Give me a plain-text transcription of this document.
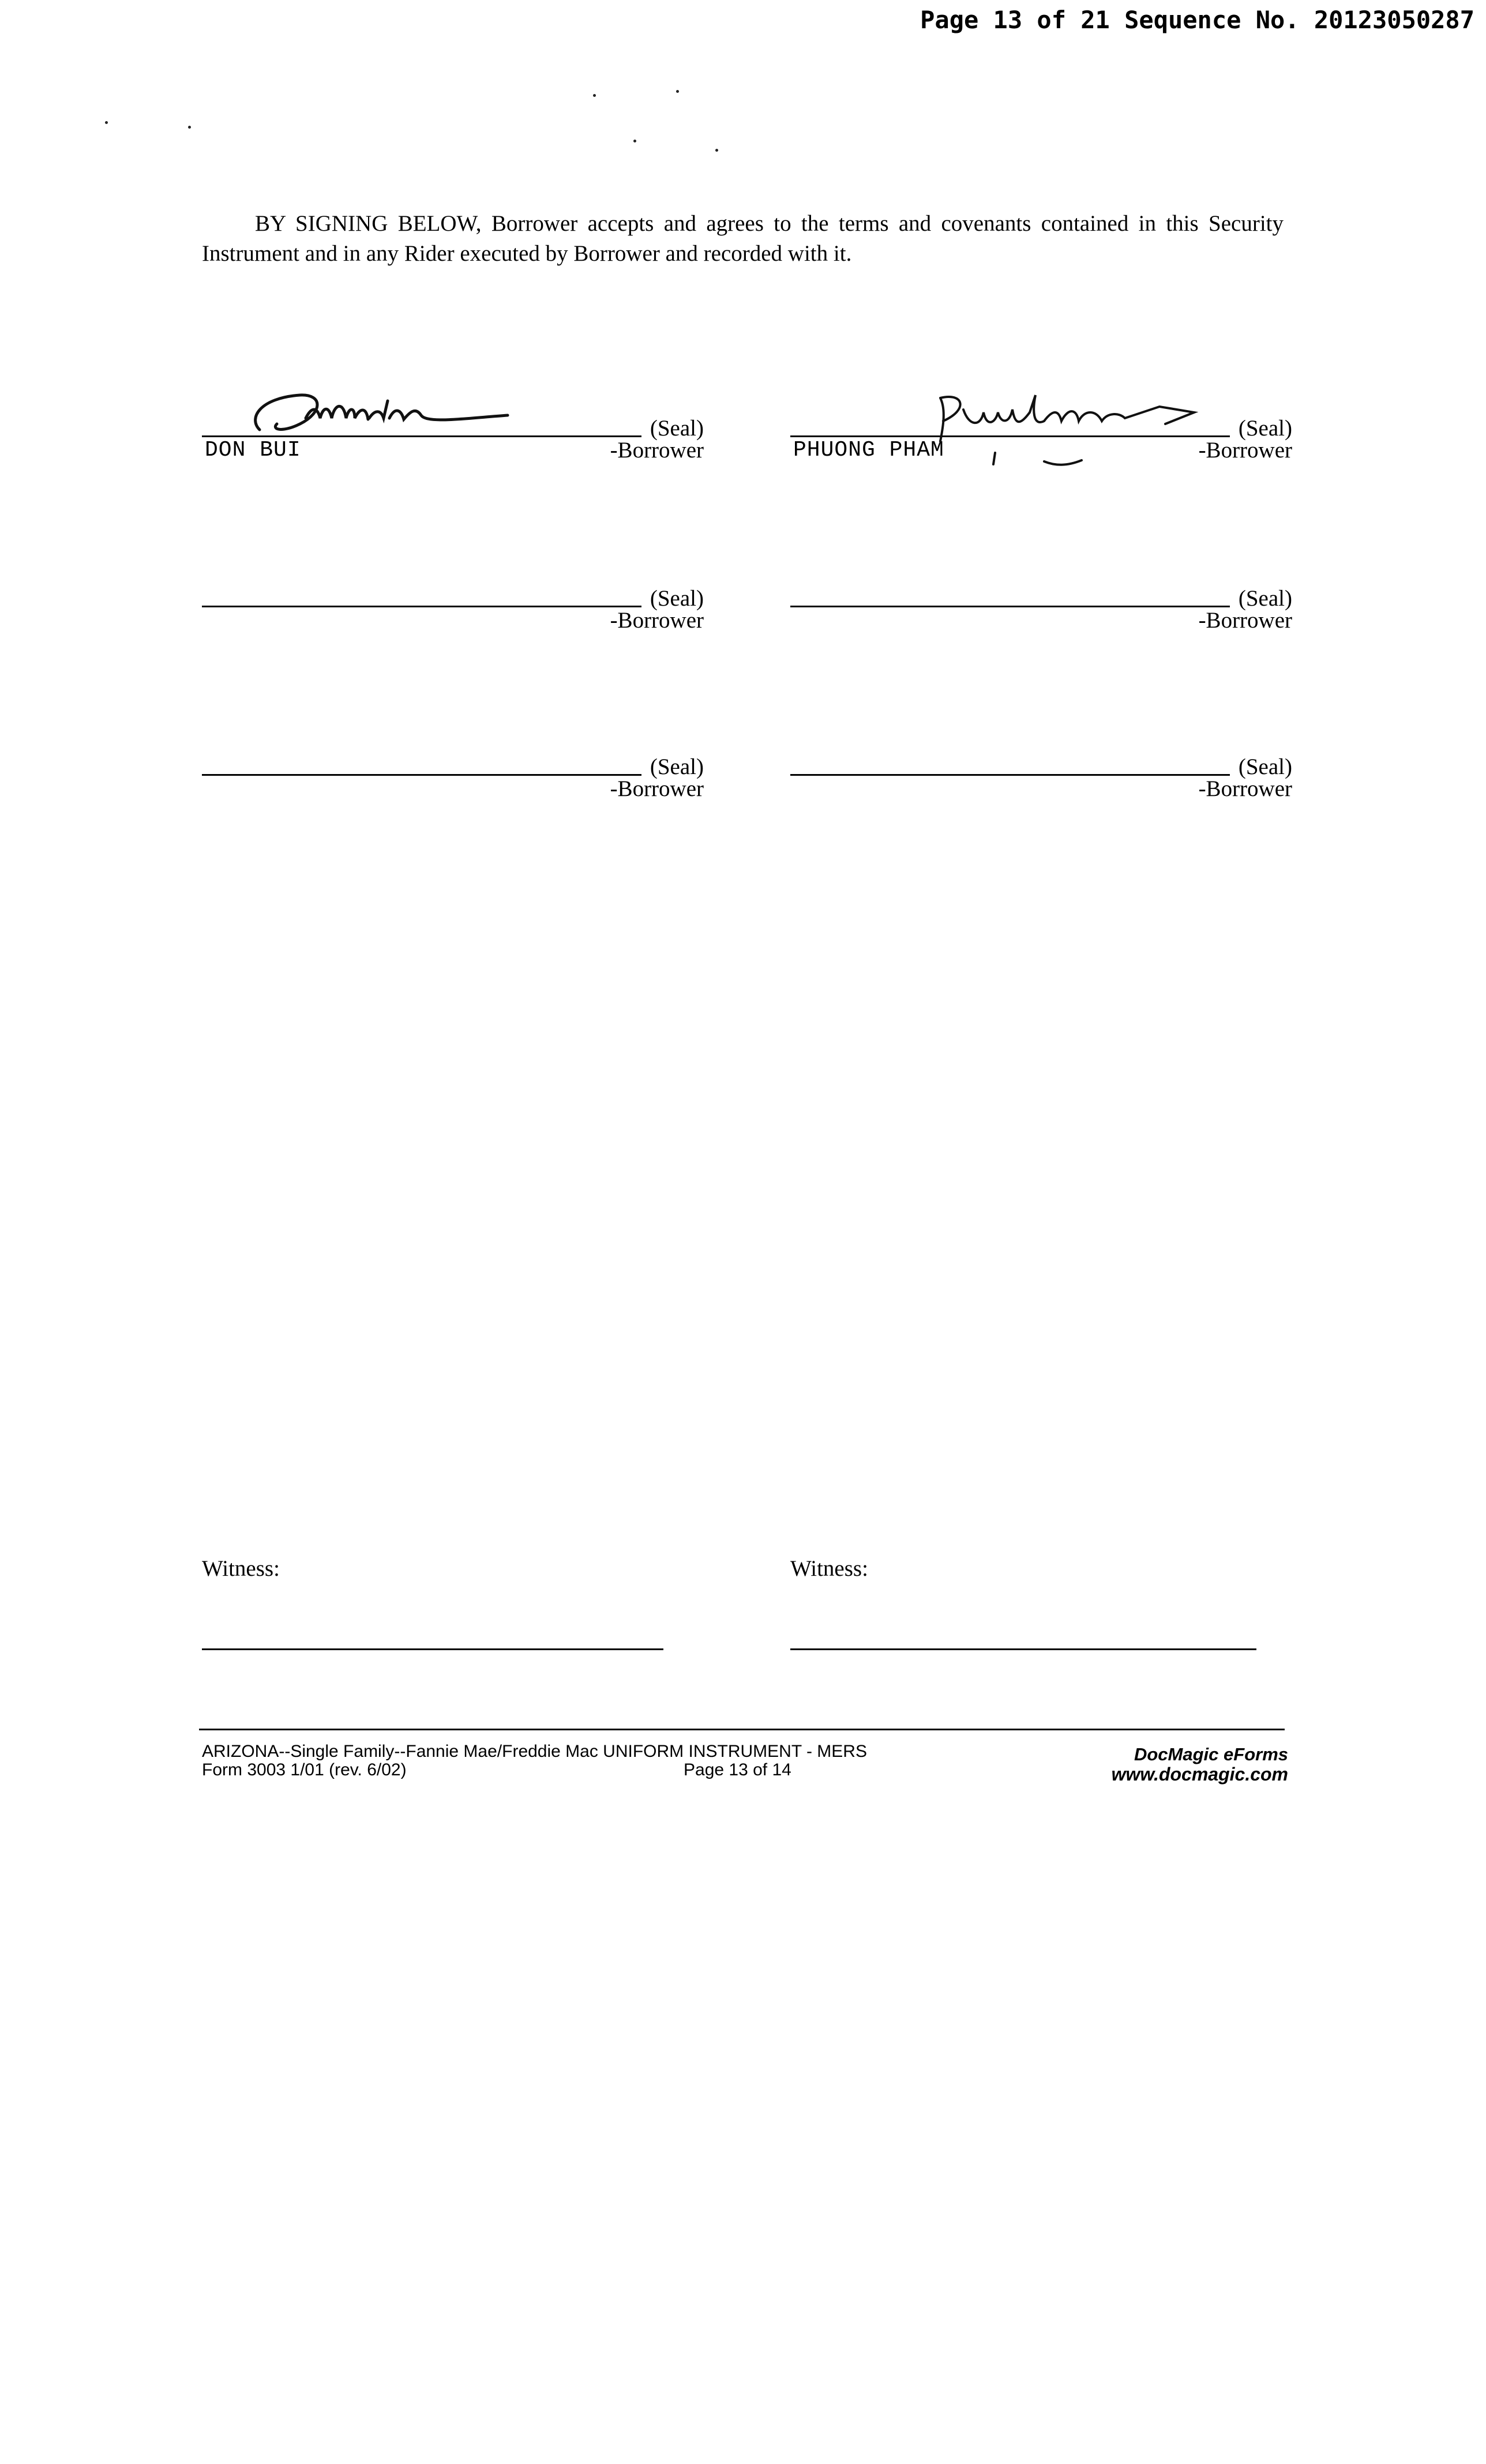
Page 13 of 21 Sequence No. 20123050287
BY SIGNING BELOW, Borrower accepts and agrees to the terms and covenants contained in this Security Instrument and in any Rider executed by Borrower and recorded with it.
(Seal)
-Borrower
DON BUI
(Seal)
-Borrower
PHUONG PHAM
(Seal)
-Borrower
(Seal)
-Borrower
(Seal)
-Borrower
(Seal)
-Borrower
Witness:	Witness:
ARIZONA--Single Family--Fannie Mae/Freddie Mac UNIFORM INSTRUMENT - MERS
Form 3003 1/01 (rev. 6/02)	Page 13 of 14
DocMagic eForms
www.docmagic.com
